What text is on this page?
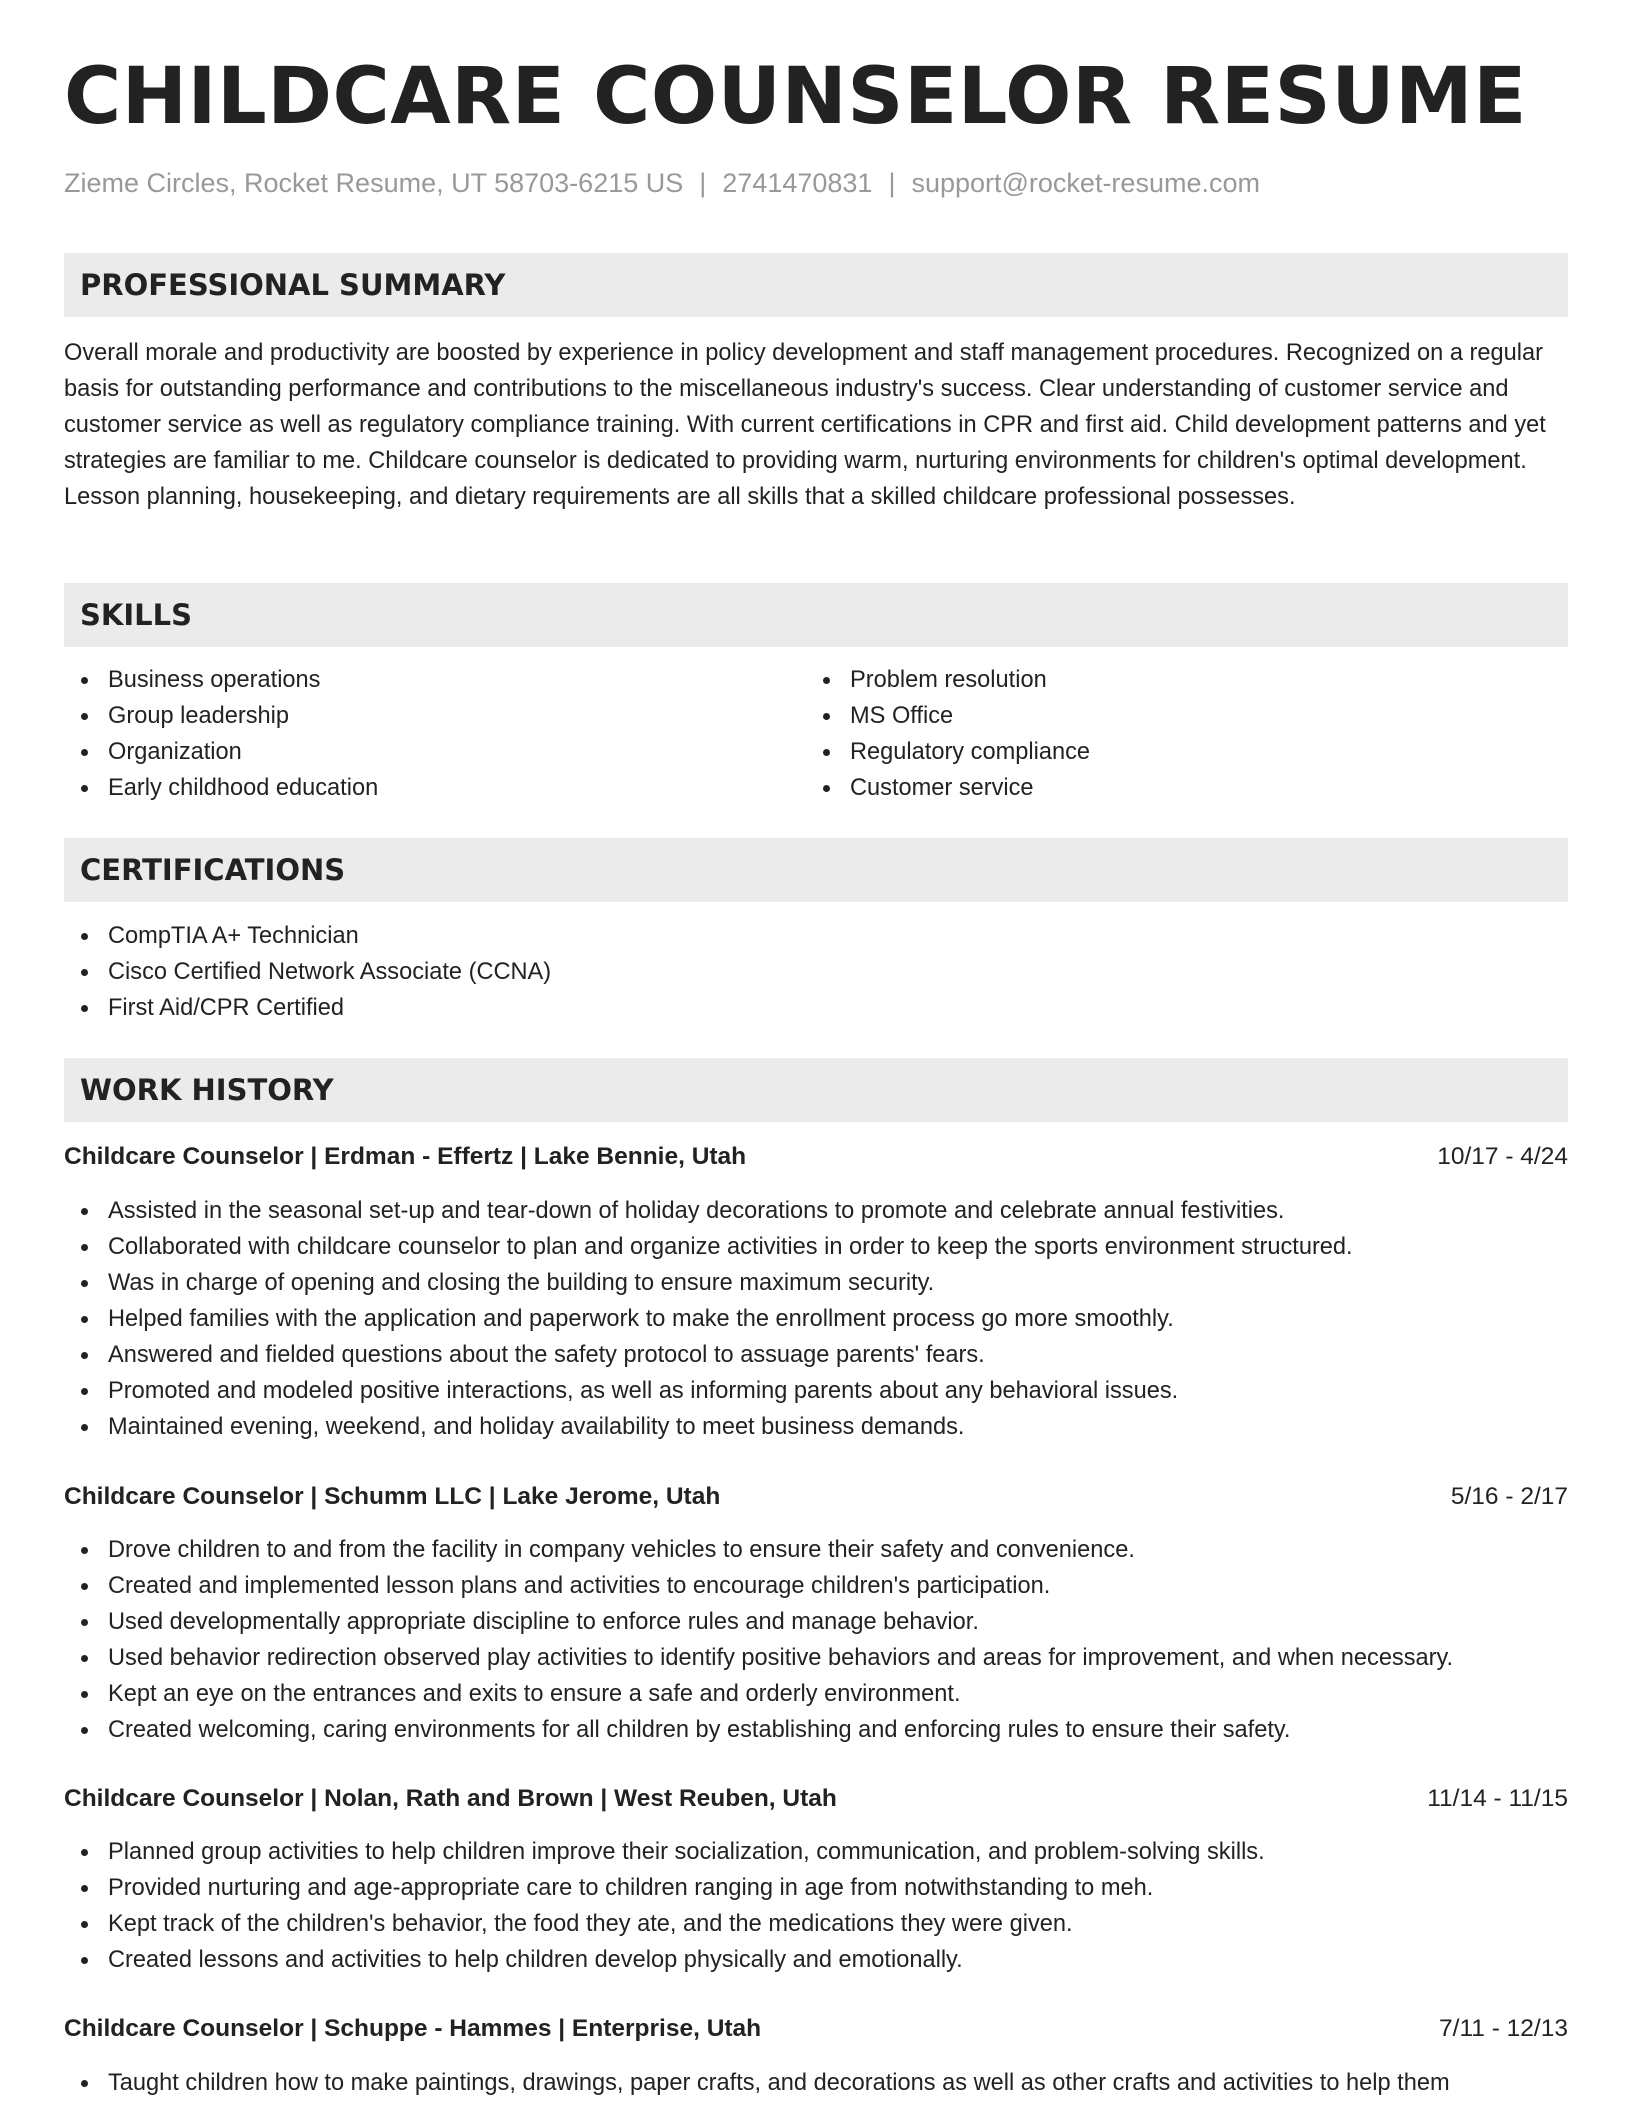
CHILDCARE COUNSELOR RESUME
Zieme Circles, Rocket Resume, UT 58703-6215 US | 2741470831 | support@rocket-resume.com
PROFESSIONAL SUMMARY

Overall morale and productivity are boosted by experience in policy development and staff management procedures. Recognized on a regular basis for outstanding performance and contributions to the miscellaneous industry's success. Clear understanding of customer service and customer service as well as regulatory compliance training. With current certifications in CPR and first aid. Child development patterns and yet strategies are familiar to me. Childcare counselor is dedicated to providing warm, nurturing environments for children's optimal development. Lesson planning, housekeeping, and dietary requirements are all skills that a skilled childcare professional possesses.

SKILLS
Business operations
Group leadership
Organization
Early childhood education
Problem resolution
MS Office
Regulatory compliance
Customer service
CERTIFICATIONS
CompTIA A+ Technician
Cisco Certified Network Associate (CCNA)
First Aid/CPR Certified
WORK HISTORY
Childcare Counselor | Erdman - Effertz | Lake Bennie, Utah	10/17 - 4/24
Assisted in the seasonal set-up and tear-down of holiday decorations to promote and celebrate annual festivities.
Collaborated with childcare counselor to plan and organize activities in order to keep the sports environment structured.
Was in charge of opening and closing the building to ensure maximum security.
Helped families with the application and paperwork to make the enrollment process go more smoothly.
Answered and fielded questions about the safety protocol to assuage parents' fears.
Promoted and modeled positive interactions, as well as informing parents about any behavioral issues.
Maintained evening, weekend, and holiday availability to meet business demands.
Childcare Counselor | Schumm LLC | Lake Jerome, Utah	5/16 - 2/17
Drove children to and from the facility in company vehicles to ensure their safety and convenience.
Created and implemented lesson plans and activities to encourage children's participation.
Used developmentally appropriate discipline to enforce rules and manage behavior.
Used behavior redirection observed play activities to identify positive behaviors and areas for improvement, and when necessary.
Kept an eye on the entrances and exits to ensure a safe and orderly environment.
Created welcoming, caring environments for all children by establishing and enforcing rules to ensure their safety.
Childcare Counselor | Nolan, Rath and Brown | West Reuben, Utah	11/14 - 11/15
Planned group activities to help children improve their socialization, communication, and problem-solving skills.
Provided nurturing and age-appropriate care to children ranging in age from notwithstanding to meh.
Kept track of the children's behavior, the food they ate, and the medications they were given.
Created lessons and activities to help children develop physically and emotionally.
Childcare Counselor | Schuppe - Hammes | Enterprise, Utah	7/11 - 12/13
Taught children how to make paintings, drawings, paper crafts, and decorations as well as other crafts and activities to help them
